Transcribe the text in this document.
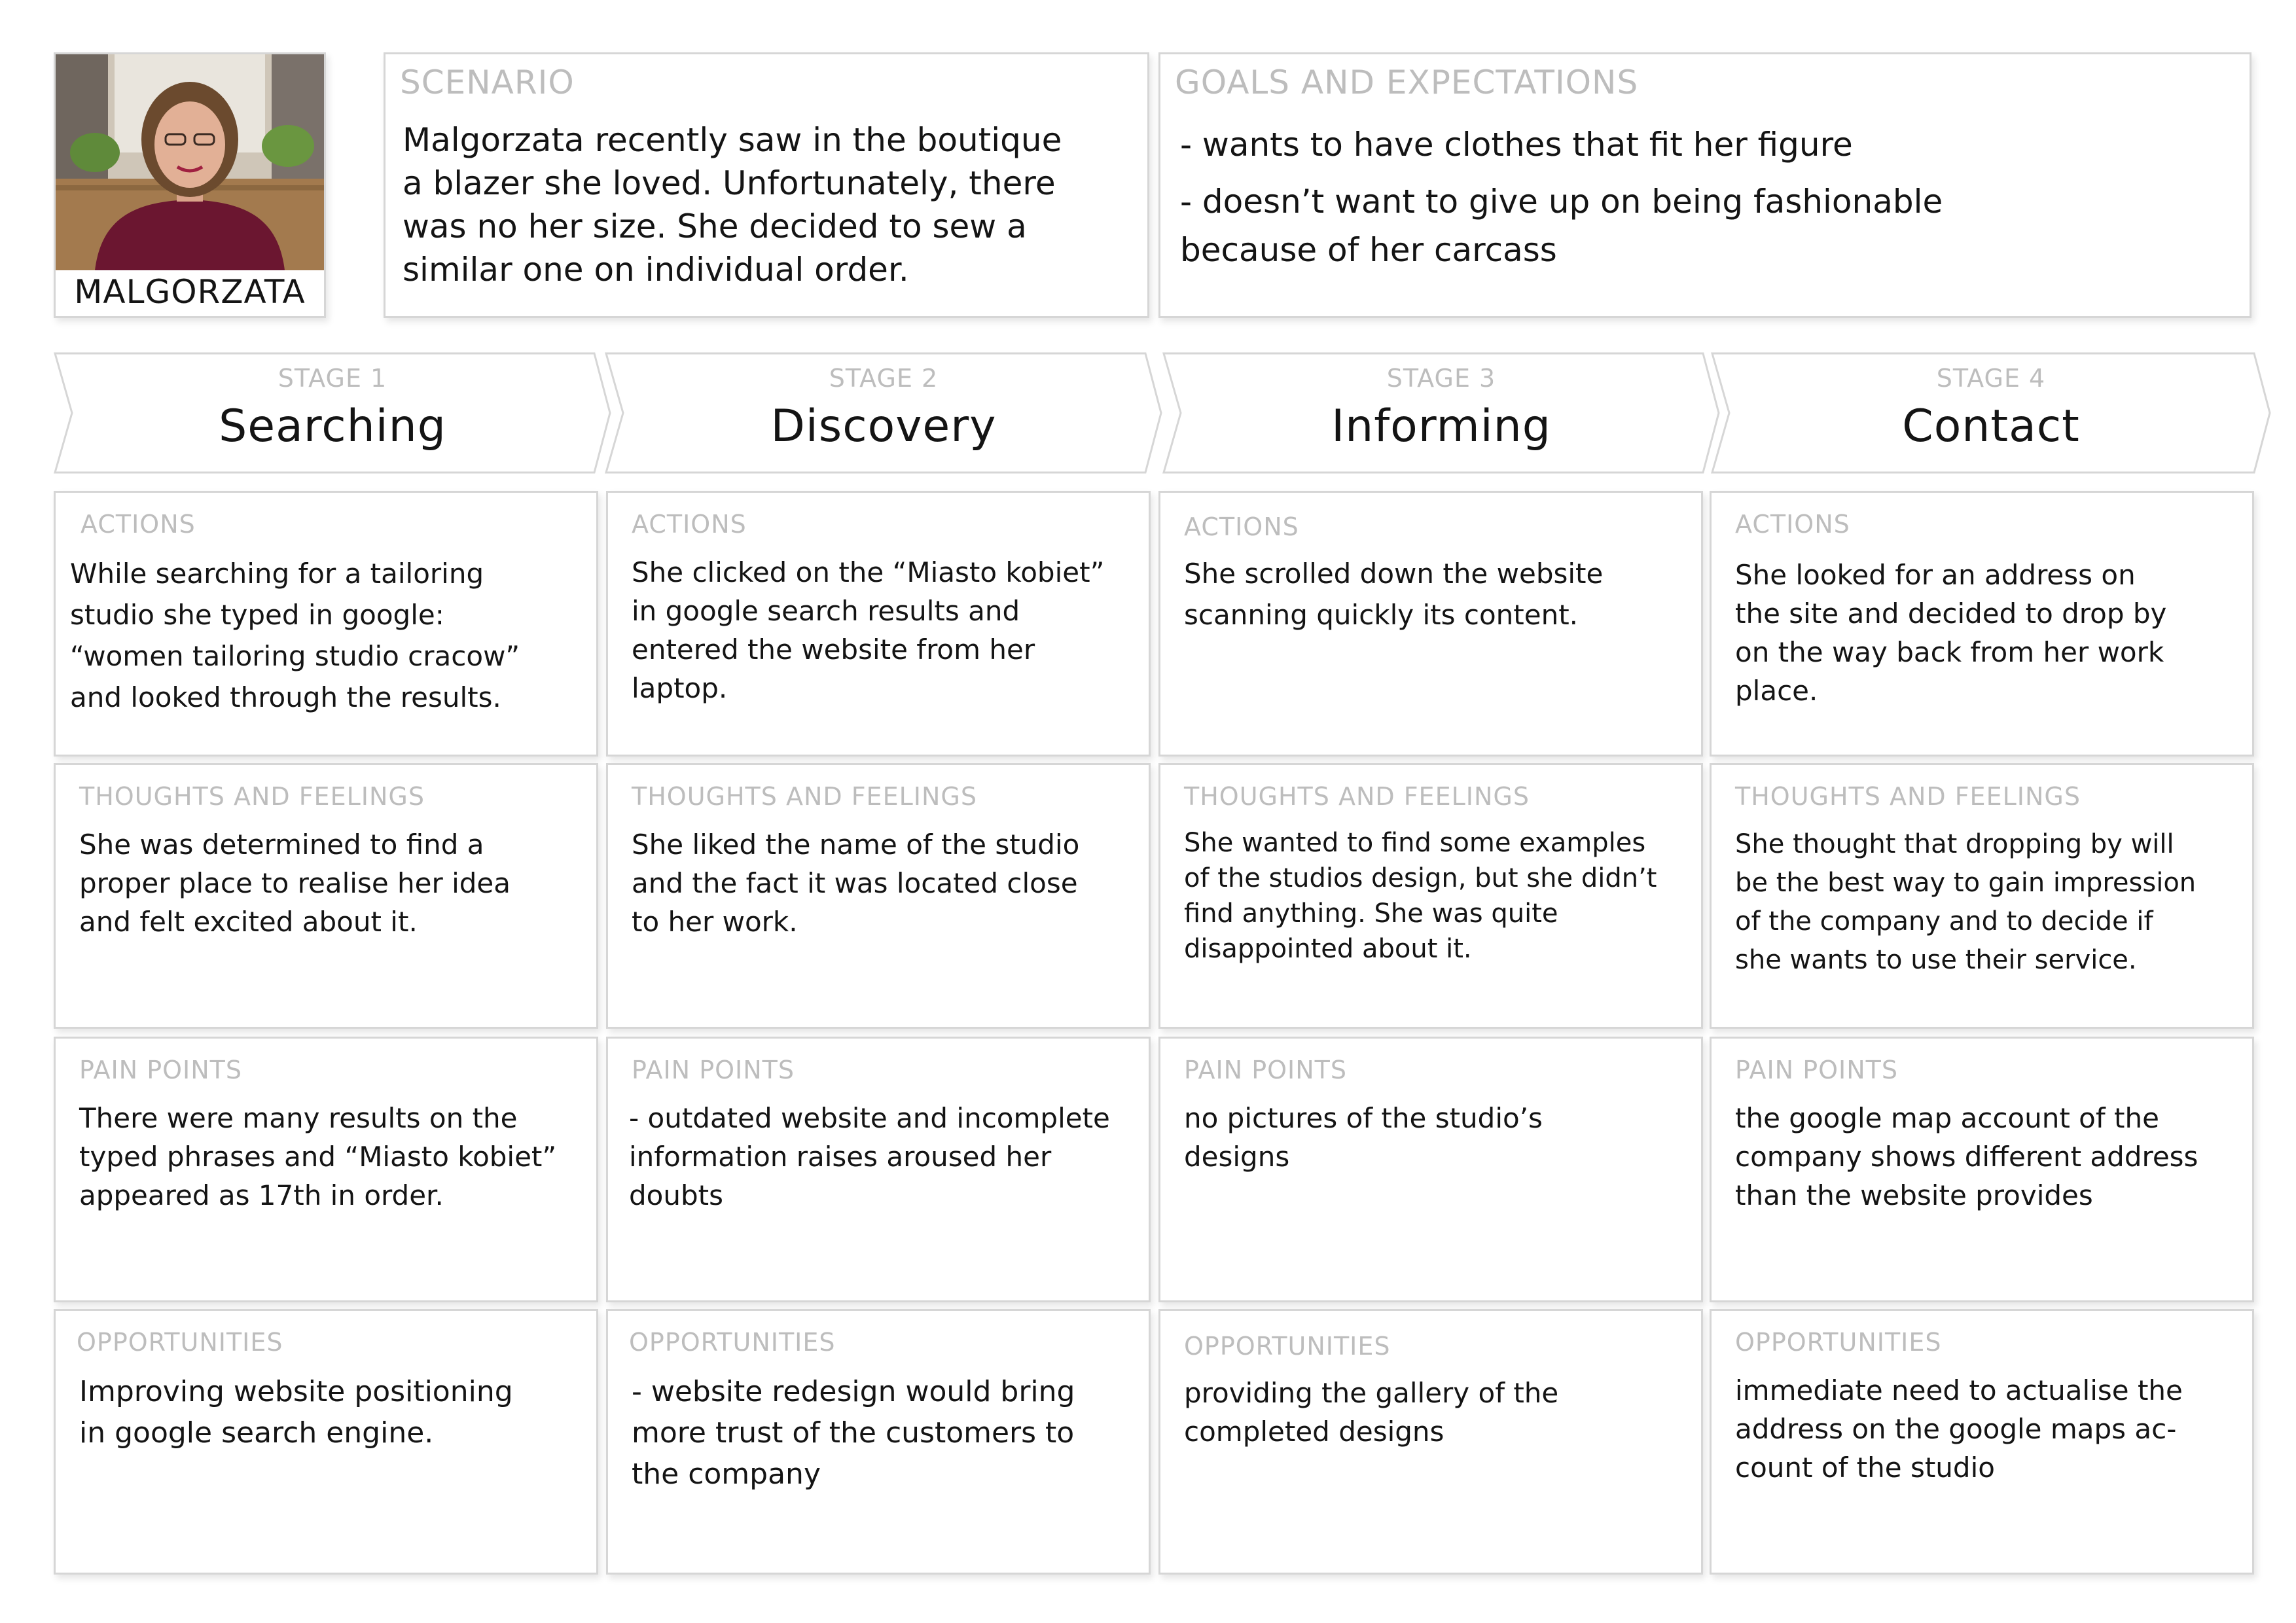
MALGORZATA
SCENARIO
Malgorzata recently saw in the boutique
a blazer she loved. Unfortunately, there
was no her size. She decided to sew a
similar one on individual order.
GOALS AND EXPECTATIONS
- wants to have clothes that fit her figure
- doesn’t want to give up on being fashionable
because of her carcass
STAGE 1
Searching
STAGE 2
Discovery
STAGE 3
Informing
STAGE 4
Contact
ACTIONS
While searching for a tailoring
studio she typed in google:
“women tailoring studio cracow”
and looked through the results.
ACTIONS
She clicked on the “Miasto kobiet”
in google search results and
entered the website from her
laptop.
ACTIONS
She scrolled down the website
scanning quickly its content.
ACTIONS
She looked for an address on
the site and decided to drop by
on the way back from her work
place.
THOUGHTS AND FEELINGS
She was determined to find a
proper place to realise her idea
and felt excited about it.
THOUGHTS AND FEELINGS
She liked the name of the studio
and the fact it was located close
to her work.
THOUGHTS AND FEELINGS
She wanted to find some examples
of the studios design, but she didn’t
find anything. She was quite
disappointed about it.
THOUGHTS AND FEELINGS
She thought that dropping by will
be the best way to gain impression
of the company and to decide if
she wants to use their service.
PAIN POINTS
There were many results on the
typed phrases and “Miasto kobiet”
appeared as 17th in order.
PAIN POINTS
- outdated website and incomplete
information raises aroused her
doubts
PAIN POINTS
no pictures of the studio’s
designs
PAIN POINTS
the google map account of the
company shows different address
than the website provides
OPPORTUNITIES
Improving website positioning
in google search engine.
OPPORTUNITIES
- website redesign would bring
more trust of the customers to
the company
OPPORTUNITIES
providing the gallery of the
completed designs
OPPORTUNITIES
immediate need to actualise the
address on the google maps ac-
count of the studio
